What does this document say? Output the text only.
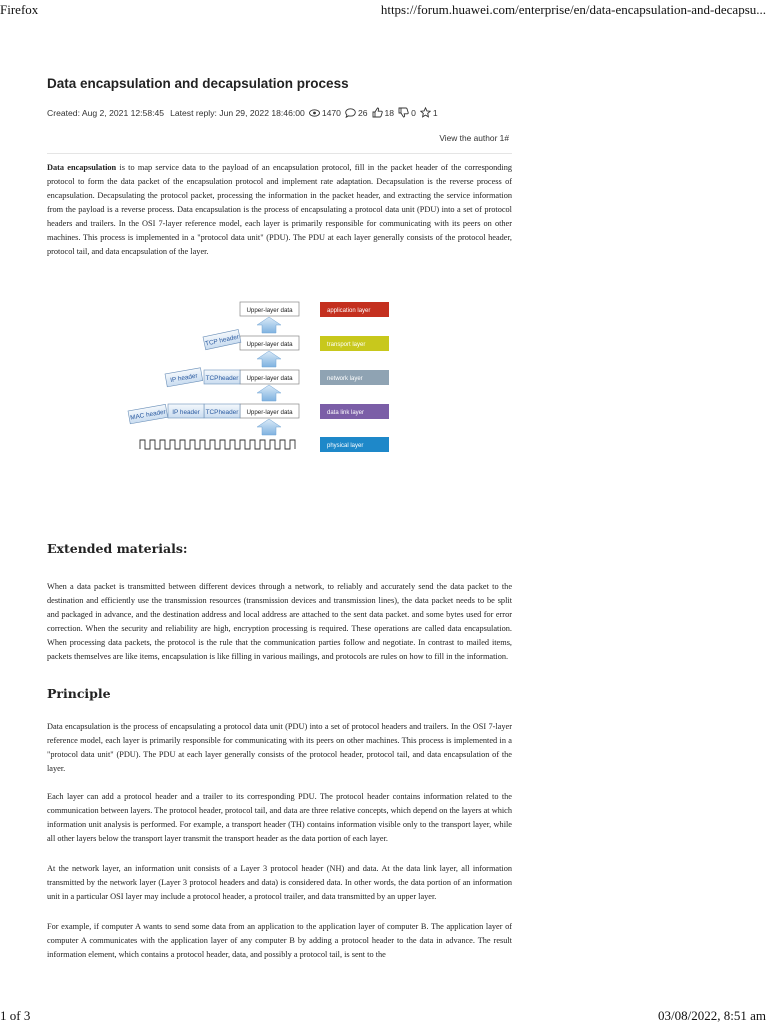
Firefox	https://forum.huawei.com/enterprise/en/data-encapsulation-and-decapsu...
Data encapsulation and decapsulation process
Created: Aug 2, 2021 12:58:45 Latest reply: Jun 29, 2022 18:46:00 1470 26 18 0 1
View the author 1#

Data encapsulation is to map service data to the payload of an encapsulation protocol, fill in the packet header of the corresponding protocol to form the data packet of the encapsulation protocol and implement rate adaptation. Decapsulation is the reverse process of encapsulation. Decapsulating the protocol packet, processing the information in the packet header, and extracting the service information from the payload is a reverse process. Data encapsulation is the process of encapsulating a protocol data unit (PDU) into a set of protocol headers and trailers. In the OSI 7-layer reference model, each layer is primarily responsible for communicating with its peers on other machines. This process is implemented in a "protocol data unit" (PDU). The PDU at each layer generally consists of the protocol header, protocol tail, and data encapsulation of the layer.

Upper-layer data
Upper-layer data
Upper-layer data
Upper-layer data
TCP header
TCPheader
IP header
TCPheader
IP header
MAC header
application layer
transport layer
network layer
data link layer
physical layer
Extended materials:

When a data packet is transmitted between different devices through a network, to reliably and accurately send the data packet to the destination and efficiently use the transmission resources (transmission devices and transmission lines), the data packet needs to be split and packaged in advance, and the destination address and local address are attached to the sent data packet. and some bytes used for error correction. When the security and reliability are high, encryption processing is required. These operations are called data encapsulation. When processing data packets, the protocol is the rule that the communication parties follow and negotiate. In contrast to mailed items, packets themselves are like items, encapsulation is like filling in various mailings, and protocols are rules on how to fill in the information.

Principle

Data encapsulation is the process of encapsulating a protocol data unit (PDU) into a set of protocol headers and trailers. In the OSI 7-layer reference model, each layer is primarily responsible for communicating with its peers on other machines. This process is implemented in a "protocol data unit" (PDU). The PDU at each layer generally consists of the protocol header, protocol tail, and data encapsulation of the layer.

Each layer can add a protocol header and a trailer to its corresponding PDU. The protocol header contains information related to the communication between layers. The protocol header, protocol tail, and data are three relative concepts, which depend on the layers at which information unit analysis is performed. For example, a transport header (TH) contains information visible only to the transport layer, while all other layers below the transport layer transmit the transport header as the data portion of each layer.

At the network layer, an information unit consists of a Layer 3 protocol header (NH) and data. At the data link layer, all information transmitted by the network layer (Layer 3 protocol headers and data) is considered data. In other words, the data portion of an information unit in a particular OSI layer may include a protocol header, a protocol trailer, and data transmitted by an upper layer.

For example, if computer A wants to send some data from an application to the application layer of computer B. The application layer of computer A communicates with the application layer of any computer B by adding a protocol header to the data in advance. The result information element, which contains a protocol header, data, and possibly a protocol tail, is sent to the

1 of 3	03/08/2022, 8:51 am
